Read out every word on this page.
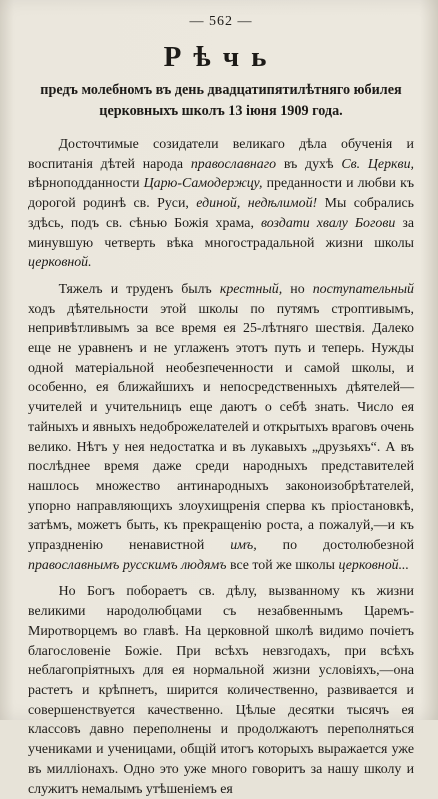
— 562 —
Рѣчь
предъ молебномъ въ день двадцатипятилѣтняго юбилея церковныхъ школъ 13 іюня 1909 года.

Досточтимые созидатели великаго дѣла обученія и воспитанія дѣтей народа православнаго въ духѣ Св. Церкви, вѣрноподданности Царю-Самодержцу, преданности и любви къ дорогой родинѣ св. Руси, единой, недѣлимой! Мы собрались здѣсь, подъ св. сѣнью Божія храма, воздати хвалу Богови за минувшую четверть вѣка многострадальной жизни школы церковной.

Тяжелъ и труденъ былъ крестный, но поступательный ходъ дѣятельности этой школы по путямъ строптивымъ, непривѣтливымъ за все время ея 25-лѣтняго шествія. Далеко еще не уравненъ и не углаженъ этотъ путь и теперь. Нужды одной матеріальной необезпеченности и самой школы, и особенно, ея ближайшихъ и непосредственныхъ дѣятелей—учителей и учительницъ еще даютъ о себѣ знать. Число ея тайныхъ и явныхъ недоброжелателей и открытыхъ враговъ очень велико. Нѣтъ у нея недостатка и въ лукавыхъ „друзьяхъ“. А въ послѣднее время даже среди народныхъ представителей нашлось множество антинародныхъ законоизобрѣтателей, упорно направляющихъ злоухищренія сперва къ пріостановкѣ, затѣмъ, можетъ быть, къ прекращенію роста, а пожалуй,—и къ упраздненію ненавистной имъ, по достолюбезной православнымъ русскимъ людямъ все той же школы церковной...

Но Богъ побораетъ св. дѣлу, вызванному къ жизни великими народолюбцами съ незабвеннымъ Царемъ-Миротворцемъ во главѣ. На церковной школѣ видимо почіетъ благословеніе Божіе. При всѣхъ невзгодахъ, при всѣхъ неблагопріятныхъ для ея нормальной жизни условіяхъ,—она растетъ и крѣпнетъ, ширится количественно, развивается и совершенствуется качественно. Цѣлые десятки тысячъ ея классовъ давно переполнены и продолжаютъ переполняться учениками и ученицами, общій итогъ которыхъ выражается уже въ милліонахъ. Одно это уже много говоритъ за нашу школу и служитъ немалымъ утѣшеніемъ ея
